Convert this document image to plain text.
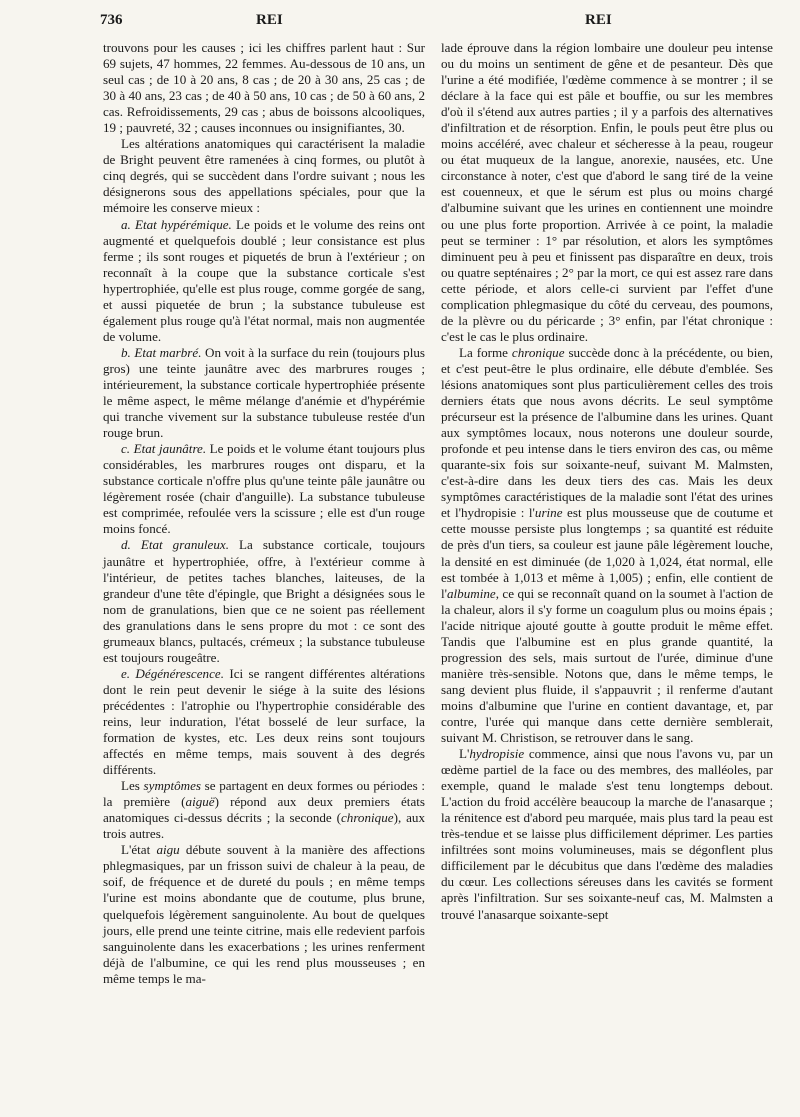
736	REI	REI

trouvons pour les causes ; ici les chiffres parlent haut : Sur 69 sujets, 47 hommes, 22 femmes. Au-dessous de 10 ans, un seul cas ; de 10 à 20 ans, 8 cas ; de 20 à 30 ans, 25 cas ; de 30 à 40 ans, 23 cas ; de 40 à 50 ans, 10 cas ; de 50 à 60 ans, 2 cas. Refroidissements, 29 cas ; abus de boissons alcooliques, 19 ; pauvreté, 32 ; causes inconnues ou insignifiantes, 30.

Les altérations anatomiques qui caractérisent la maladie de Bright peuvent être ramenées à cinq formes, ou plutôt à cinq degrés, qui se succèdent dans l'ordre suivant ; nous les désignerons sous des appellations spéciales, pour que la mémoire les conserve mieux :

a. Etat hypérémique. Le poids et le volume des reins ont augmenté et quelquefois doublé ; leur consistance est plus ferme ; ils sont rouges et piquetés de brun à l'extérieur ; on reconnaît à la coupe que la substance corticale s'est hypertrophiée, qu'elle est plus rouge, comme gorgée de sang, et aussi piquetée de brun ; la substance tubuleuse est également plus rouge qu'à l'état normal, mais non augmentée de volume.

b. Etat marbré. On voit à la surface du rein (toujours plus gros) une teinte jaunâtre avec des marbrures rouges ; intérieurement, la substance corticale hypertrophiée présente le même aspect, le même mélange d'anémie et d'hypérémie qui tranche vivement sur la substance tubuleuse restée d'un rouge brun.

c. Etat jaunâtre. Le poids et le volume étant toujours plus considérables, les marbrures rouges ont disparu, et la substance corticale n'offre plus qu'une teinte pâle jaunâtre ou légèrement rosée (chair d'anguille). La substance tubuleuse est comprimée, refoulée vers la scissure ; elle est d'un rouge moins foncé.

d. Etat granuleux. La substance corticale, toujours jaunâtre et hypertrophiée, offre, à l'extérieur comme à l'intérieur, de petites taches blanches, laiteuses, de la grandeur d'une tête d'épingle, que Bright a désignées sous le nom de granulations, bien que ce ne soient pas réellement des granulations dans le sens propre du mot : ce sont des grumeaux blancs, pultacés, crémeux ; la substance tubuleuse est toujours rougeâtre.

e. Dégénérescence. Ici se rangent différentes altérations dont le rein peut devenir le siége à la suite des lésions précédentes : l'atrophie ou l'hypertrophie considérable des reins, leur induration, l'état bosselé de leur surface, la formation de kystes, etc. Les deux reins sont toujours affectés en même temps, mais souvent à des degrés différents.

Les symptômes se partagent en deux formes ou périodes : la première (aiguë) répond aux deux premiers états anatomiques ci-dessus décrits ; la seconde (chronique), aux trois autres.

L'état aigu débute souvent à la manière des affections phlegmasiques, par un frisson suivi de chaleur à la peau, de soif, de fréquence et de dureté du pouls ; en même temps l'urine est moins abondante que de coutume, plus brune, quelquefois légèrement sanguinolente. Au bout de quelques jours, elle prend une teinte citrine, mais elle redevient parfois sanguinolente dans les exacerbations ; les urines renferment déjà de l'albumine, ce qui les rend plus mousseuses ; en même temps le ma-

lade éprouve dans la région lombaire une douleur peu intense ou du moins un sentiment de gêne et de pesanteur. Dès que l'urine a été modifiée, l'œdème commence à se montrer ; il se déclare à la face qui est pâle et bouffie, ou sur les membres d'où il s'étend aux autres parties ; il y a parfois des alternatives d'infiltration et de résorption. Enfin, le pouls peut être plus ou moins accéléré, avec chaleur et sécheresse à la peau, rougeur ou état muqueux de la langue, anorexie, nausées, etc. Une circonstance à noter, c'est que d'abord le sang tiré de la veine est couenneux, et que le sérum est plus ou moins chargé d'albumine suivant que les urines en contiennent une moindre ou une plus forte proportion. Arrivée à ce point, la maladie peut se terminer : 1° par résolution, et alors les symptômes diminuent peu à peu et finissent pas disparaître en deux, trois ou quatre septénaires ; 2° par la mort, ce qui est assez rare dans cette période, et alors celle-ci survient par l'effet d'une complication phlegmasique du côté du cerveau, des poumons, de la plèvre ou du péricarde ; 3° enfin, par l'état chronique : c'est le cas le plus ordinaire.

La forme chronique succède donc à la précédente, ou bien, et c'est peut-être le plus ordinaire, elle débute d'emblée. Ses lésions anatomiques sont plus particulièrement celles des trois derniers états que nous avons décrits. Le seul symptôme précurseur est la présence de l'albumine dans les urines. Quant aux symptômes locaux, nous noterons une douleur sourde, profonde et peu intense dans le tiers environ des cas, ou même quarante-six fois sur soixante-neuf, suivant M. Malmsten, c'est-à-dire dans les deux tiers des cas. Mais les deux symptômes caractéristiques de la maladie sont l'état des urines et l'hydropisie : l'urine est plus mousseuse que de coutume et cette mousse persiste plus longtemps ; sa quantité est réduite de près d'un tiers, sa couleur est jaune pâle légèrement louche, la densité en est diminuée (de 1,020 à 1,024, état normal, elle est tombée à 1,013 et même à 1,005) ; enfin, elle contient de l'albumine, ce qui se reconnaît quand on la soumet à l'action de la chaleur, alors il s'y forme un coagulum plus ou moins épais ; l'acide nitrique ajouté goutte à goutte produit le même effet. Tandis que l'albumine est en plus grande quantité, la progression des sels, mais surtout de l'urée, diminue d'une manière très-sensible. Notons que, dans le même temps, le sang devient plus fluide, il s'appauvrit ; il renferme d'autant moins d'albumine que l'urine en contient davantage, et, par contre, l'urée qui manque dans cette dernière semblerait, suivant M. Christison, se retrouver dans le sang.

L'hydropisie commence, ainsi que nous l'avons vu, par un œdème partiel de la face ou des membres, des malléoles, par exemple, quand le malade s'est tenu longtemps debout. L'action du froid accélère beaucoup la marche de l'anasarque ; la rénitence est d'abord peu marquée, mais plus tard la peau est très-tendue et se laisse plus difficilement déprimer. Les parties infiltrées sont moins volumineuses, mais se dégonflent plus difficilement par le décubitus que dans l'œdème des maladies du cœur. Les collections séreuses dans les cavités se forment après l'infiltration. Sur ses soixante-neuf cas, M. Malmsten a trouvé l'anasarque soixante-sept
